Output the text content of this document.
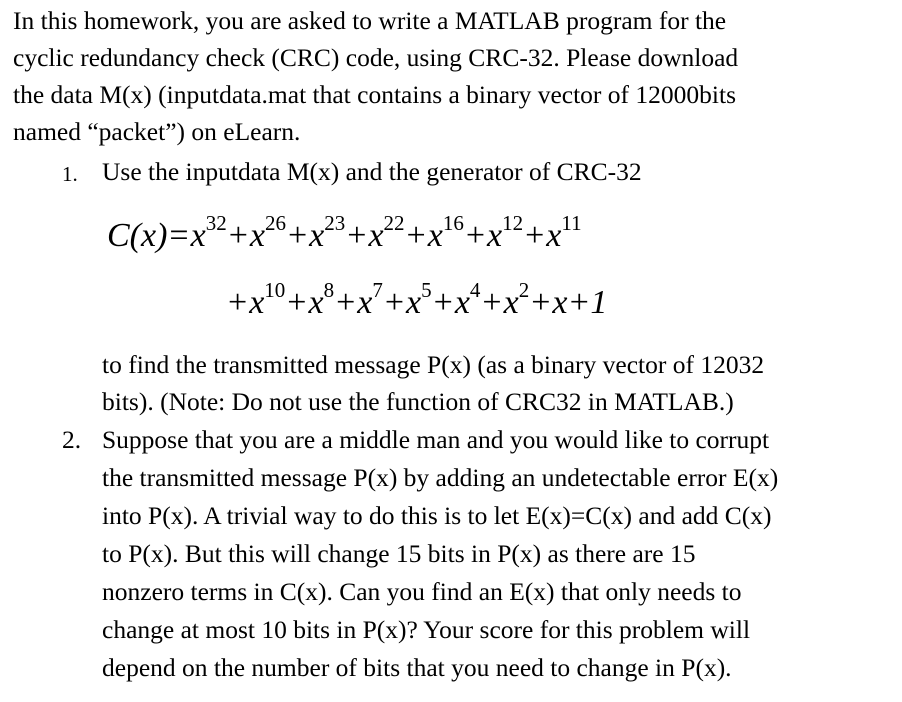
In this homework, you are asked to write a MATLAB program for the
cyclic redundancy check (CRC) code, using CRC-32. Please download
the data M(x) (inputdata.mat that contains a binary vector of 12000bits
named “packet”) on eLearn.
1. Use the inputdata M(x) and the generator of CRC-32
$C(x)=x^{32}+x^{26}+x^{23}+x^{22}+x^{16}+x^{12}+x^{11}$
$+x^{10}+x^8+x^7+x^5+x^4+x^2+x+1$
to find the transmitted message P(x) (as a binary vector of 12032
bits). (Note: Do not use the function of CRC32 in MATLAB.)
2. Suppose that you are a middle man and you would like to corrupt
the transmitted message P(x) by adding an undetectable error E(x)
into P(x). A trivial way to do this is to let E(x)=C(x) and add C(x)
to P(x). But this will change 15 bits in P(x) as there are 15
nonzero terms in C(x). Can you find an E(x) that only needs to
change at most 10 bits in P(x)? Your score for this problem will
depend on the number of bits that you need to change in P(x).
